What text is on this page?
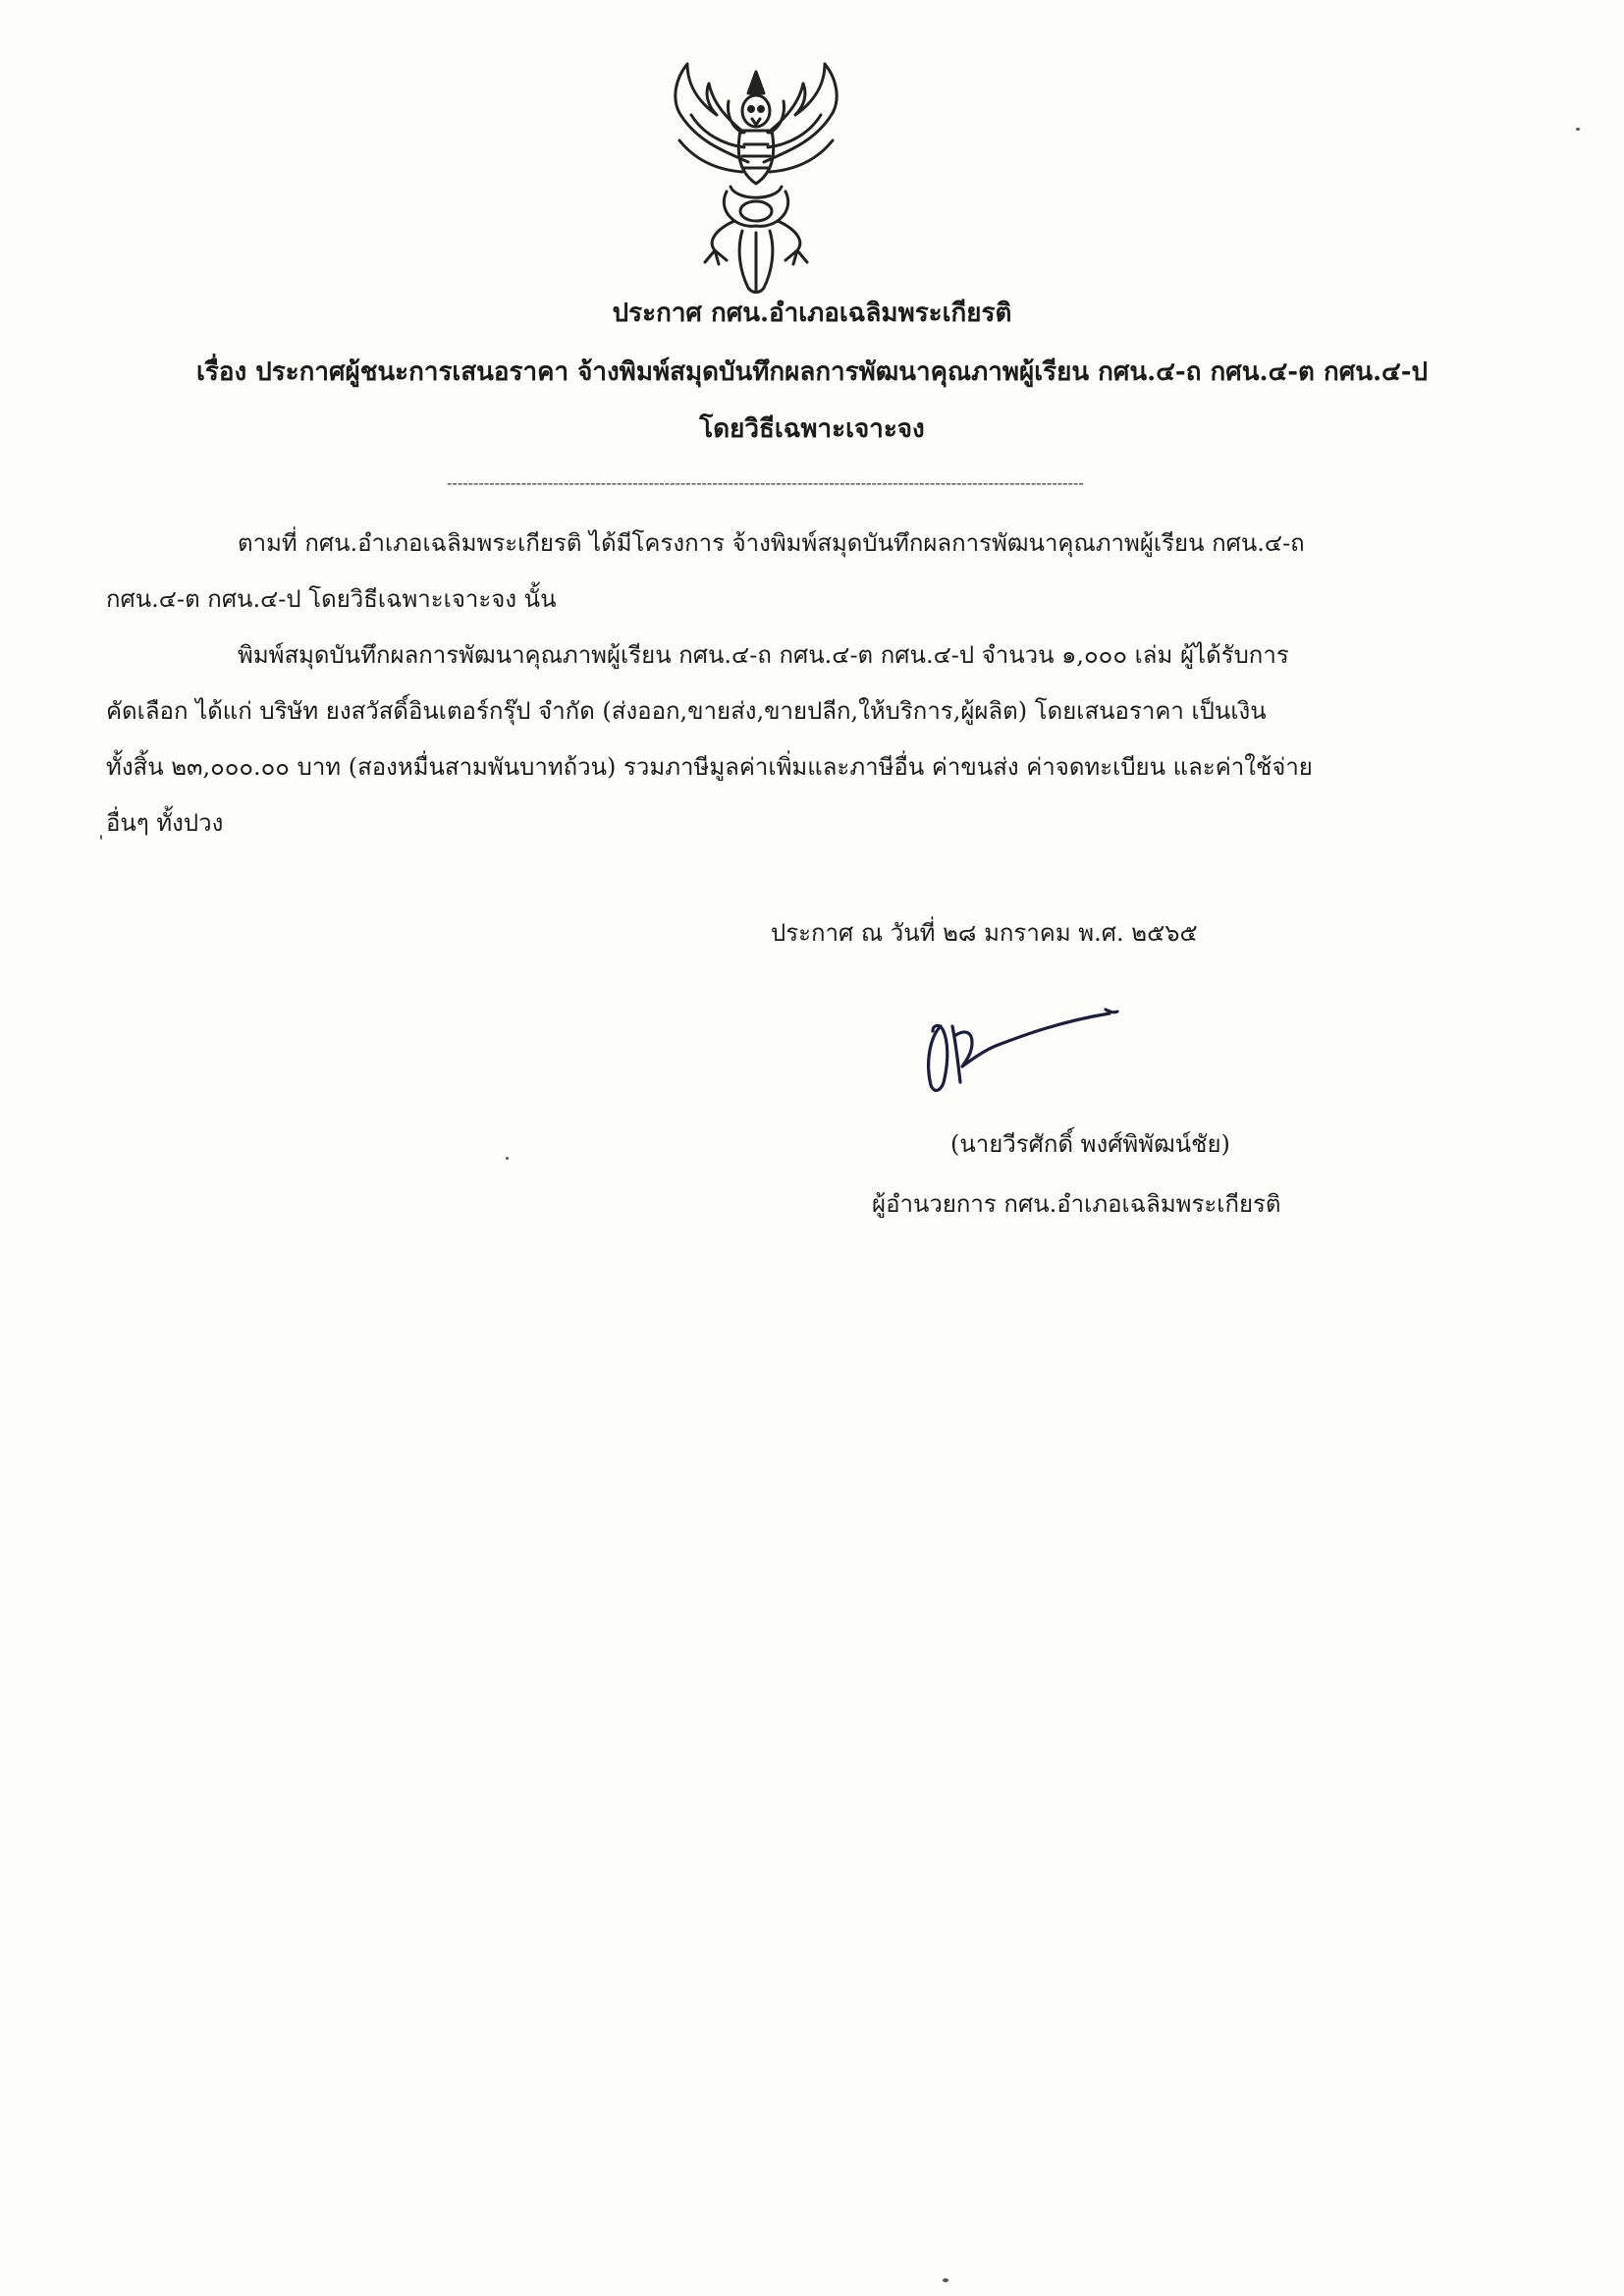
ประกาศ กศน.อำเภอเฉลิมพระเกียรติ
เรื่อง ประกาศผู้ชนะการเสนอราคา จ้างพิมพ์สมุดบันทึกผลการพัฒนาคุณภาพผู้เรียน กศน.๔-ถ กศน.๔-ต กศน.๔-ป
โดยวิธีเฉพาะเจาะจง
------------------------------------------------------------------------------------------------------------------------
ตามที่ กศน.อำเภอเฉลิมพระเกียรติ ได้มีโครงการ จ้างพิมพ์สมุดบันทึกผลการพัฒนาคุณภาพผู้เรียน กศน.๔-ถ
กศน.๔-ต กศน.๔-ป โดยวิธีเฉพาะเจาะจง นั้น
พิมพ์สมุดบันทึกผลการพัฒนาคุณภาพผู้เรียน กศน.๔-ถ กศน.๔-ต กศน.๔-ป จำนวน ๑,๐๐๐ เล่ม ผู้ได้รับการ
คัดเลือก ได้แก่ บริษัท ยงสวัสดิ์อินเตอร์กรุ๊ป จำกัด (ส่งออก,ขายส่ง,ขายปลีก,ให้บริการ,ผู้ผลิต) โดยเสนอราคา เป็นเงิน
ทั้งสิ้น ๒๓,๐๐๐.๐๐ บาท (สองหมื่นสามพันบาทถ้วน) รวมภาษีมูลค่าเพิ่มและภาษีอื่น ค่าขนส่ง ค่าจดทะเบียน และค่าใช้จ่าย
อื่นๆ ทั้งปวง
ประกาศ ณ วันที่ ๒๘ มกราคม พ.ศ. ๒๕๖๕
(นายวีรศักดิ์ พงศ์พิพัฒน์ชัย)
ผู้อำนวยการ กศน.อำเภอเฉลิมพระเกียรติ
